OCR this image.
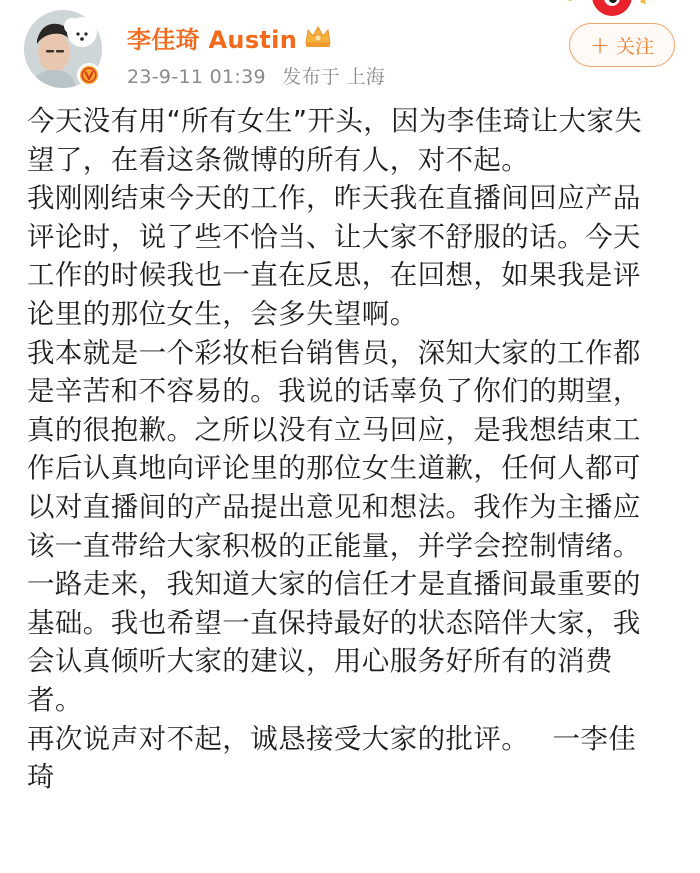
李佳琦 Austin
23-9-11 01:39 发布于 上海
+ 关注

今天没有用“所有女生”开头，因为李佳琦让大家失
望了，在看这条微博的所有人，对不起。
我刚刚结束今天的工作，昨天我在直播间回应产品
评论时，说了些不恰当、让大家不舒服的话。今天
工作的时候我也一直在反思，在回想，如果我是评
论里的那位女生，会多失望啊。
我本就是一个彩妆柜台销售员，深知大家的工作都
是辛苦和不容易的。我说的话辜负了你们的期望，
真的很抱歉。之所以没有立马回应，是我想结束工
作后认真地向评论里的那位女生道歉，任何人都可
以对直播间的产品提出意见和想法。我作为主播应
该一直带给大家积极的正能量，并学会控制情绪。
一路走来，我知道大家的信任才是直播间最重要的
基础。我也希望一直保持最好的状态陪伴大家，我
会认真倾听大家的建议，用心服务好所有的消费
者。
再次说声对不起，诚恳接受大家的批评。　 一李佳
琦
